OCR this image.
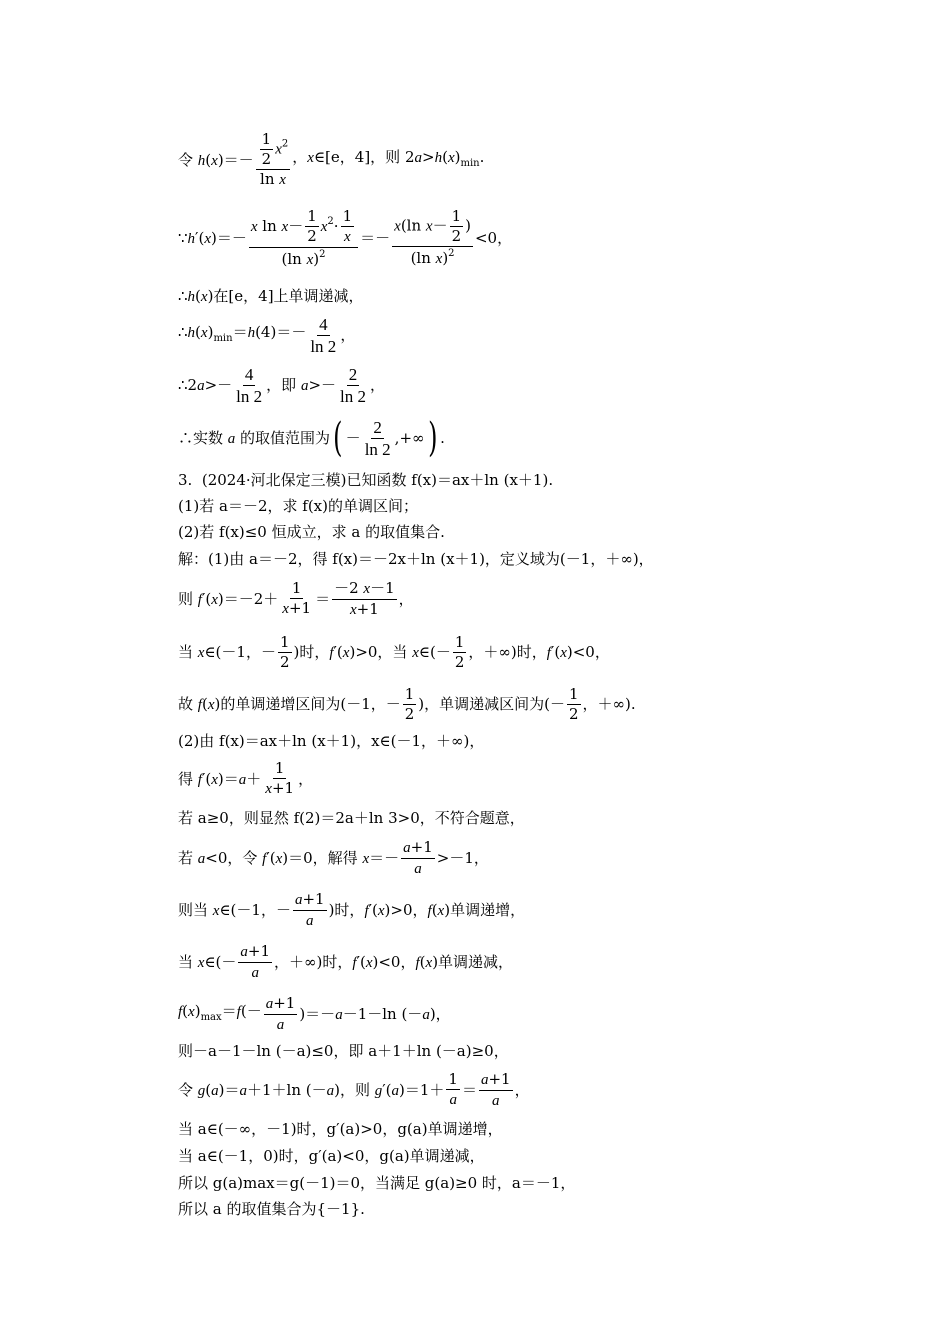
令 $h(x)=- \frac{\frac{1}{2} x^2}{\text{ln x}}$ ，x∈[e，4]，则 $2a>h(x)_{min}$.
∵h′(x)＝－ $\frac{x \ln x- \frac{1}{2} x^2\cdot \frac{1}{x}}{(\ln x)^2} =- \frac{x(\ln x- \frac{1}{2} )}{(\ln x)^2} <0$，
∴h(x)在[e，4]上单调递减，
$\therefore h(x)_{min}=h(4)=- \frac{4}{\ln 2}$ ，
∴2a>－ $\frac{4}{\ln 2}$ ，即 $a>- \frac{2}{\ln 2}$ ，
∴实数 a 的取值范围为 ( － $\frac{2}{\ln 2}$ ,+∞ ) .
3.  (2024·河北保定三模)已知函数 f(x)＝ax＋ln (x＋1).
(1)若 a＝－2，求 f(x)的单调区间；
(2)若 f(x)≤0 恒成立，求 a 的取值集合.
解：(1)由 a＝－2，得 f(x)＝－2x＋ln (x＋1)，定义域为(－1，＋∞)，
则 $f'(x)=-2+ \frac{1}{x+1} = \frac{-2 x-1}{x+1}$ ，
当 x∈(－1，－ $\frac{1}{2}$ )时，f′(x)>0，当 x∈(－ $\frac{1}{2}$ ，＋∞)时，f′(x)<0，
故 f(x)的单调递增区间为(－1，－ $\frac{1}{2}$ )，单调递减区间为(－ $\frac{1}{2}$ ，＋∞).
(2)由 f(x)＝ax＋ln (x＋1)，x∈(－1，＋∞)，
得 $f'(x)=a+ \frac{1}{x+1}$ ，
若 a≥0，则显然 f(2)＝2a＋ln 3>0，不符合题意，
若 a<0，令 f′(x)＝0，解得 $x=- \frac{a+1}{a} >-1$，
则当 x∈(－1，－ $\frac{a+1}{a}$ )时，f′(x)>0，f(x)单调递增，
当 x∈(－ $\frac{a+1}{a}$ ，＋∞)时，f′(x)<0，f(x)单调递减，
$f(x)_{max}=f(- \frac{a+1}{a} )=-a-1-\ln$ (－a)，
则－a－1－ln (－a)≤0，即 a＋1＋ln (－a)≥0，
令 g(a)＝a＋1＋ln (－a)，则 $g'(a)=1+ \frac{1}{a} = \frac{a+1}{a}$ ，
当 a∈(－∞，－1)时，g′(a)>0，g(a)单调递增，
当 a∈(－1，0)时，g′(a)<0，g(a)单调递减，
所以 g(a)max＝g(－1)＝0，当满足 g(a)≥0 时，a＝－1，
所以 a 的取值集合为{－1}.
